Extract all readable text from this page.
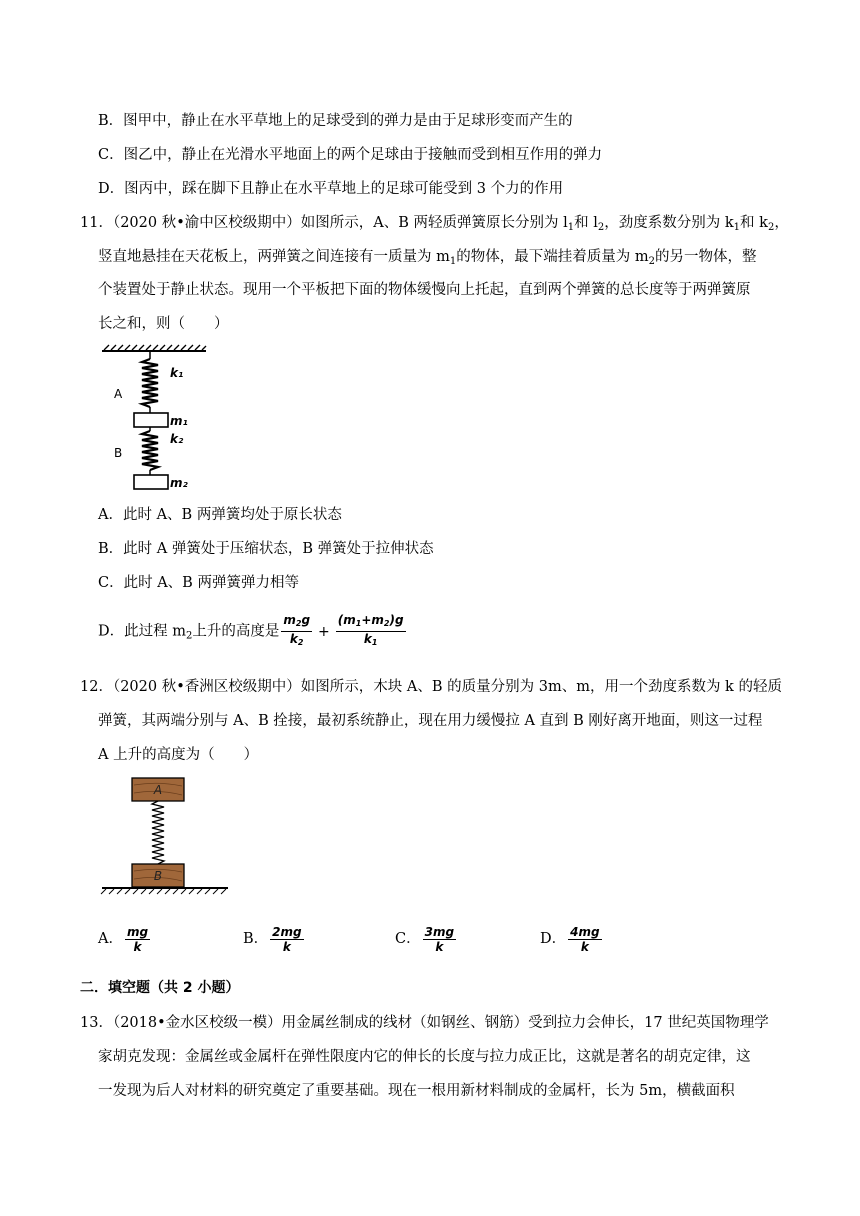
B．图甲中，静止在水平草地上的足球受到的弹力是由于足球形变而产生的
C．图乙中，静止在光滑水平地面上的两个足球由于接触而受到相互作用的弹力
D．图丙中，踩在脚下且静止在水平草地上的足球可能受到 3 个力的作用
11．（2020 秋•渝中区校级期中）如图所示，A、B 两轻质弹簧原长分别为 $l_1$和 $l_2$，劲度系数分别为 $k_1$和 $k_2$，
竖直地悬挂在天花板上，两弹簧之间连接有一质量为 $m_1$的物体，最下端挂着质量为 $m_2$的另一物体，整
个装置处于静止状态。现用一个平板把下面的物体缓慢向上托起，直到两个弹簧的总长度等于两弹簧原
长之和，则（　　）
A
B
k₁
m₁
k₂
m₂
A．此时 A、B 两弹簧均处于原长状态
B．此时 A 弹簧处于压缩状态，B 弹簧处于拉伸状态
C．此时 A、B 两弹簧弹力相等
D．此过程 $m_2$上升的高度是 $\frac{m_2g}{k_2} + \frac{(m_1+m_2)g}{k_1}$
12．（2020 秋•香洲区校级期中）如图所示，木块 A、B 的质量分别为 3m、m，用一个劲度系数为 k 的轻质
弹簧，其两端分别与 A、B 拴接，最初系统静止，现在用力缓慢拉 A 直到 B 刚好离开地面，则这一过程
A 上升的高度为（　　）
A
B
A． $\frac{mg}{k}$	B． $\frac{2mg}{k}$	C． $\frac{3mg}{k}$	D． $\frac{4mg}{k}$
二．填空题（共 2 小题）
13．（2018•金水区校级一模）用金属丝制成的线材（如钢丝、钢筋）受到拉力会伸长，17 世纪英国物理学
家胡克发现：金属丝或金属杆在弹性限度内它的伸长的长度与拉力成正比，这就是著名的胡克定律，这
一发现为后人对材料的研究奠定了重要基础。现在一根用新材料制成的金属杆，长为 5m，横截面积
